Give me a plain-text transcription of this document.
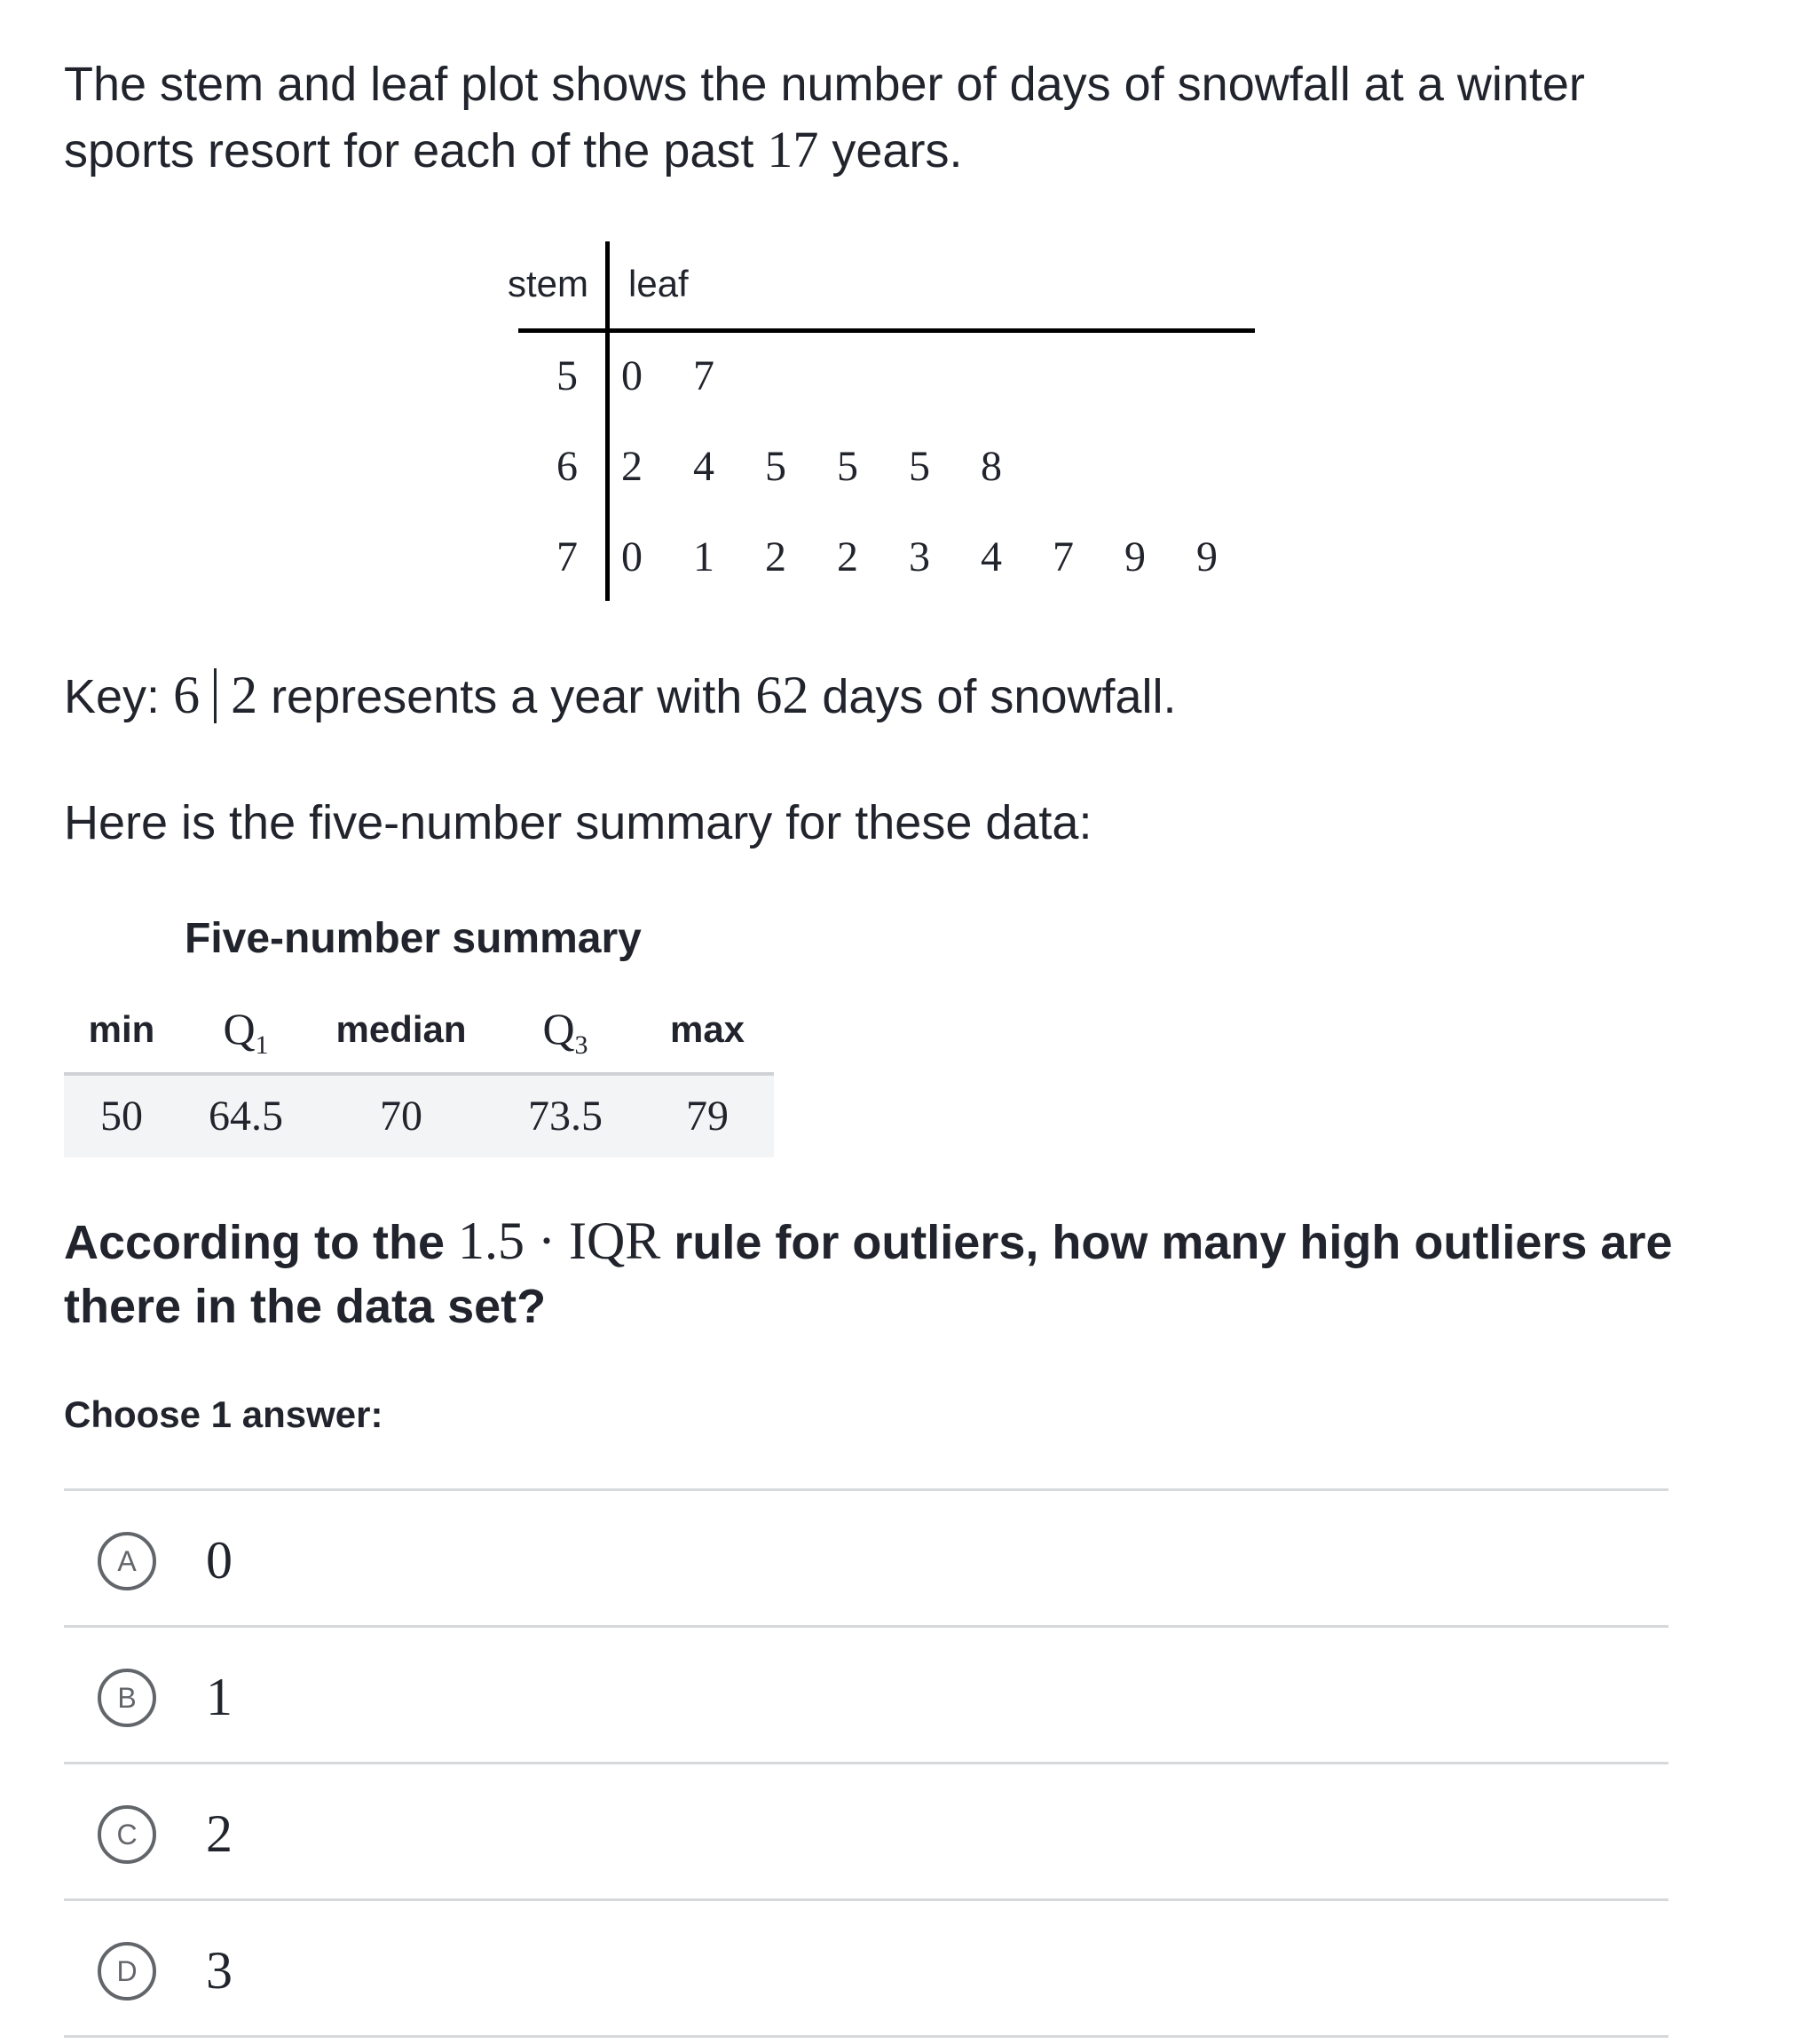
The stem and leaf plot shows the number of days of snowfall at a winter sports resort for each of the past 17 years.
stem leaf
5 0 7
6 2 4 5 5 5 8
7 0 1 2 2 3 4 7 9 9
Key: 6 2 represents a year with 62 days of snowfall.
Here is the five-number summary for these data:
Five-number summary
min	$Q_1$	median	$Q_3$	max
50	64.5	70	73.5	79
According to the 1.5 · IQR rule for outliers, how many high outliers are there in the data set?
Choose 1 answer:
A	0
B	1
C	2
D	3
